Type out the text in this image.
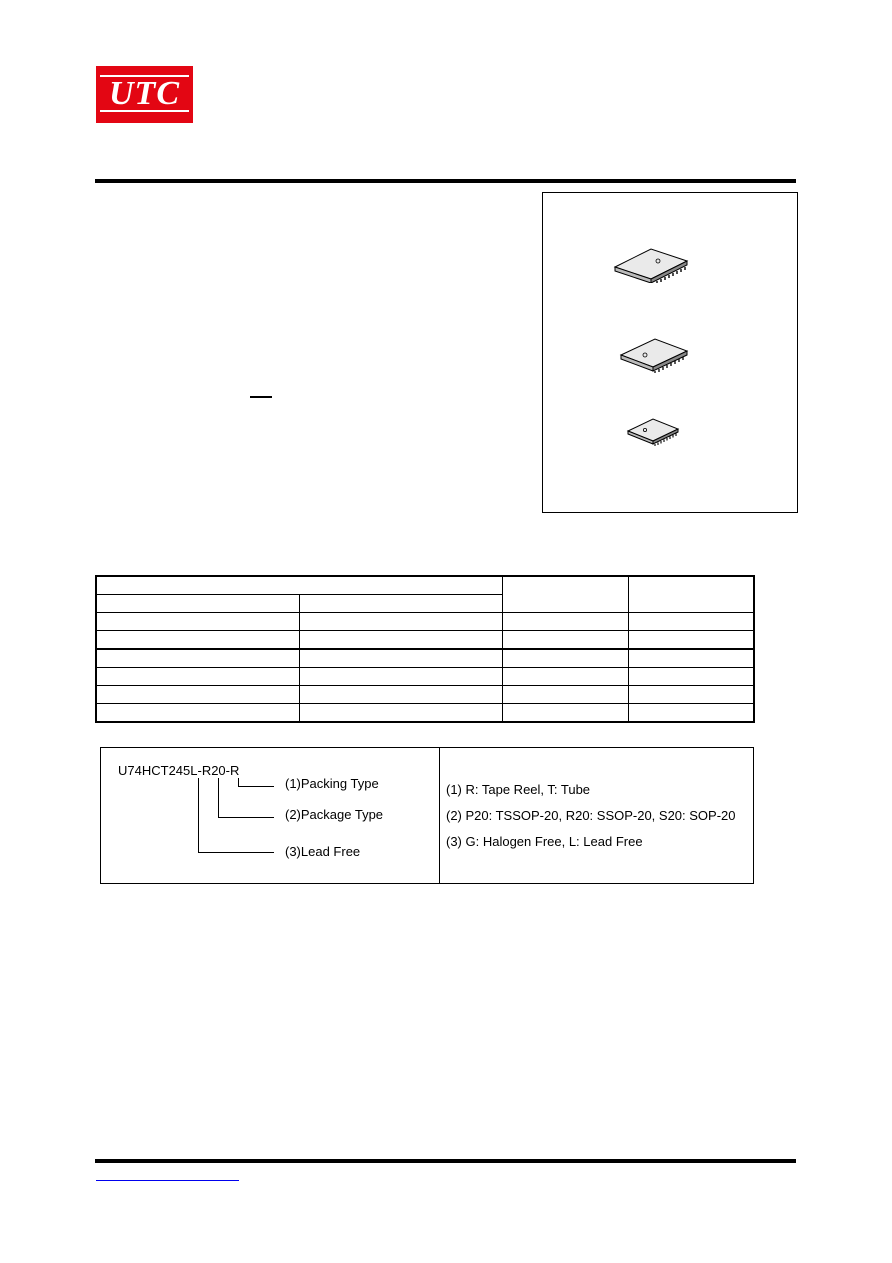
UTC

U74HCT245L-R20-R
(1)Packing Type
(2)Package Type
(3)Lead Free
(1) R: Tape Reel, T: Tube
(2) P20: TSSOP-20, R20: SSOP-20, S20: SOP-20
(3) G: Halogen Free, L: Lead Free
